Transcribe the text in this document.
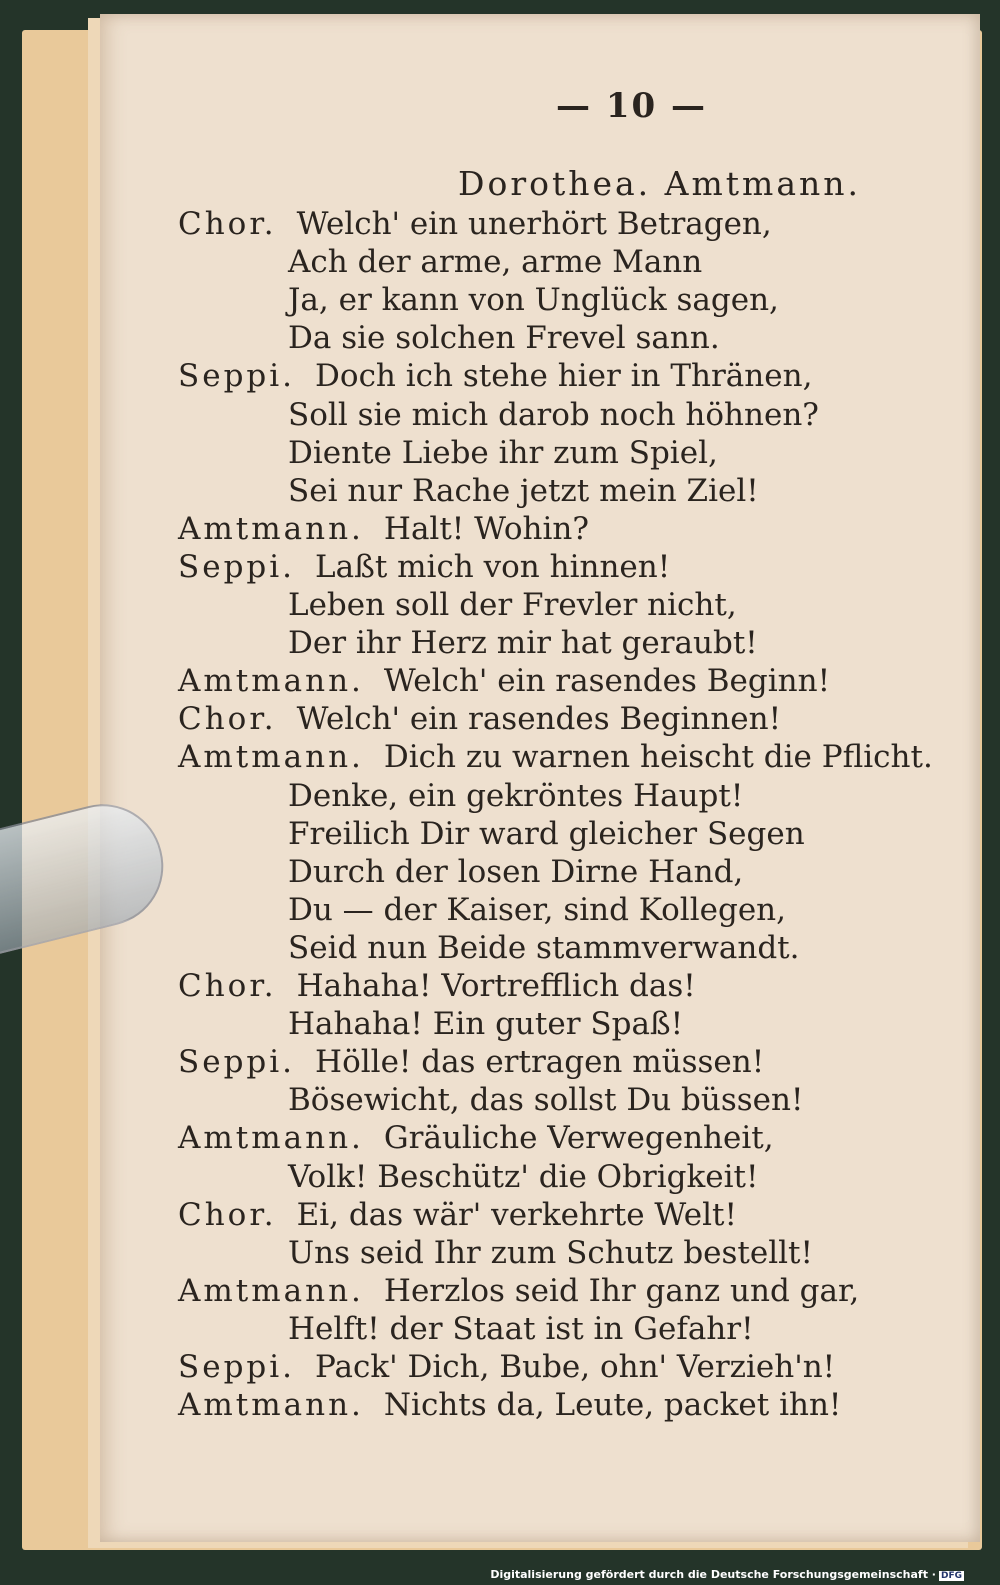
— 10 —
Dorothea. Amtmann.
Chor. Welch' ein unerhört Betragen,
Ach der arme, arme Mann
Ja, er kann von Unglück sagen,
Da sie solchen Frevel sann.
Seppi. Doch ich stehe hier in Thränen,
Soll sie mich darob noch höhnen?
Diente Liebe ihr zum Spiel,
Sei nur Rache jetzt mein Ziel!
Amtmann. Halt! Wohin?
Seppi. Laßt mich von hinnen!
Leben soll der Frevler nicht,
Der ihr Herz mir hat geraubt!
Amtmann. Welch' ein rasendes Beginn!
Chor. Welch' ein rasendes Beginnen!
Amtmann. Dich zu warnen heischt die Pflicht.
Denke, ein gekröntes Haupt!
Freilich Dir ward gleicher Segen
Durch der losen Dirne Hand,
Du — der Kaiser, sind Kollegen,
Seid nun Beide stammverwandt.
Chor. Hahaha! Vortrefflich das!
Hahaha! Ein guter Spaß!
Seppi. Hölle! das ertragen müssen!
Bösewicht, das sollst Du büssen!
Amtmann. Gräuliche Verwegenheit,
Volk! Beschütz' die Obrigkeit!
Chor. Ei, das wär' verkehrte Welt!
Uns seid Ihr zum Schutz bestellt!
Amtmann. Herzlos seid Ihr ganz und gar,
Helft! der Staat ist in Gefahr!
Seppi. Pack' Dich, Bube, ohn' Verzieh'n!
Amtmann. Nichts da, Leute, packet ihn!
Digitalisierung gefördert durch die Deutsche Forschungsgemeinschaft · DFG
